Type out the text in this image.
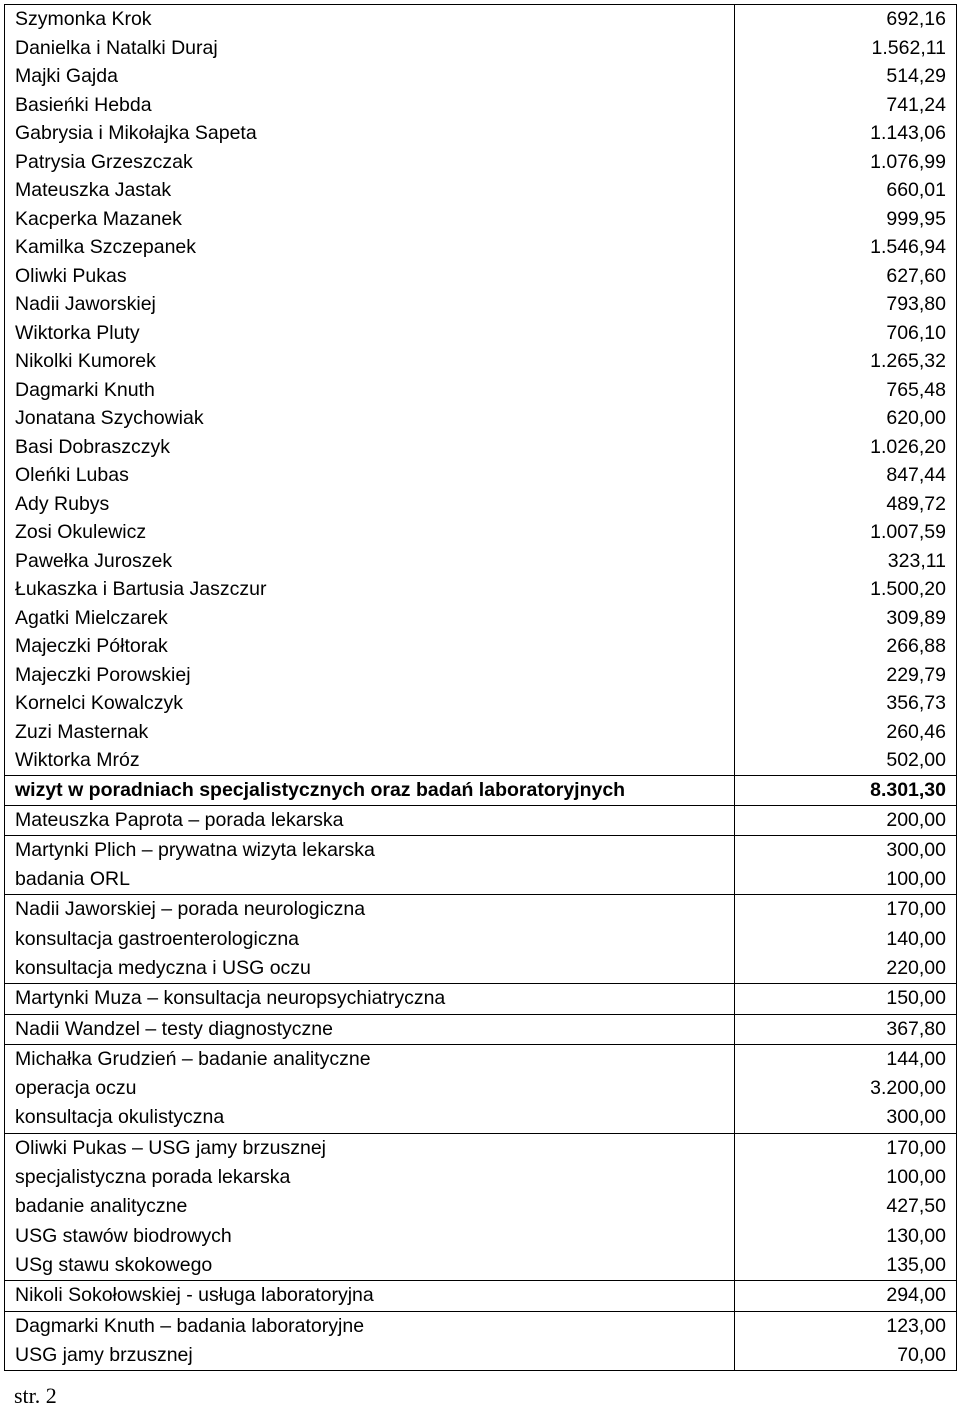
Szymonka Krok	692,16
Danielka i Natalki Duraj	1.562,11
Majki Gajda	514,29
Basieńki Hebda	741,24
Gabrysia i Mikołajka Sapeta	1.143,06
Patrysia Grzeszczak	1.076,99
Mateuszka Jastak	660,01
Kacperka Mazanek	999,95
Kamilka Szczepanek	1.546,94
Oliwki Pukas	627,60
Nadii Jaworskiej	793,80
Wiktorka Pluty	706,10
Nikolki Kumorek	1.265,32
Dagmarki Knuth	765,48
Jonatana Szychowiak	620,00
Basi Dobraszczyk	1.026,20
Oleńki Lubas	847,44
Ady Rubys	489,72
Zosi Okulewicz	1.007,59
Pawełka Juroszek	323,11
Łukaszka i Bartusia Jaszczur	1.500,20
Agatki Mielczarek	309,89
Majeczki Półtorak	266,88
Majeczki Porowskiej	229,79
Kornelci Kowalczyk	356,73
Zuzi Masternak	260,46
Wiktorka Mróz	502,00
wizyt w poradniach specjalistycznych oraz badań laboratoryjnych	8.301,30
Mateuszka Paprota – porada lekarska	200,00
Martynki Plich – prywatna wizyta lekarska	300,00
badania ORL	100,00
Nadii Jaworskiej – porada neurologiczna	170,00
konsultacja gastroenterologiczna	140,00
konsultacja medyczna i USG oczu	220,00
Martynki Muza – konsultacja neuropsychiatryczna	150,00
Nadii Wandzel – testy diagnostyczne	367,80
Michałka Grudzień – badanie analityczne	144,00
operacja oczu	3.200,00
konsultacja okulistyczna	300,00
Oliwki Pukas – USG jamy brzusznej	170,00
specjalistyczna porada lekarska	100,00
badanie analityczne	427,50
USG stawów biodrowych	130,00
USg stawu skokowego	135,00
Nikoli Sokołowskiej - usługa laboratoryjna	294,00
Dagmarki Knuth – badania laboratoryjne	123,00
USG jamy brzusznej	70,00
str. 2
